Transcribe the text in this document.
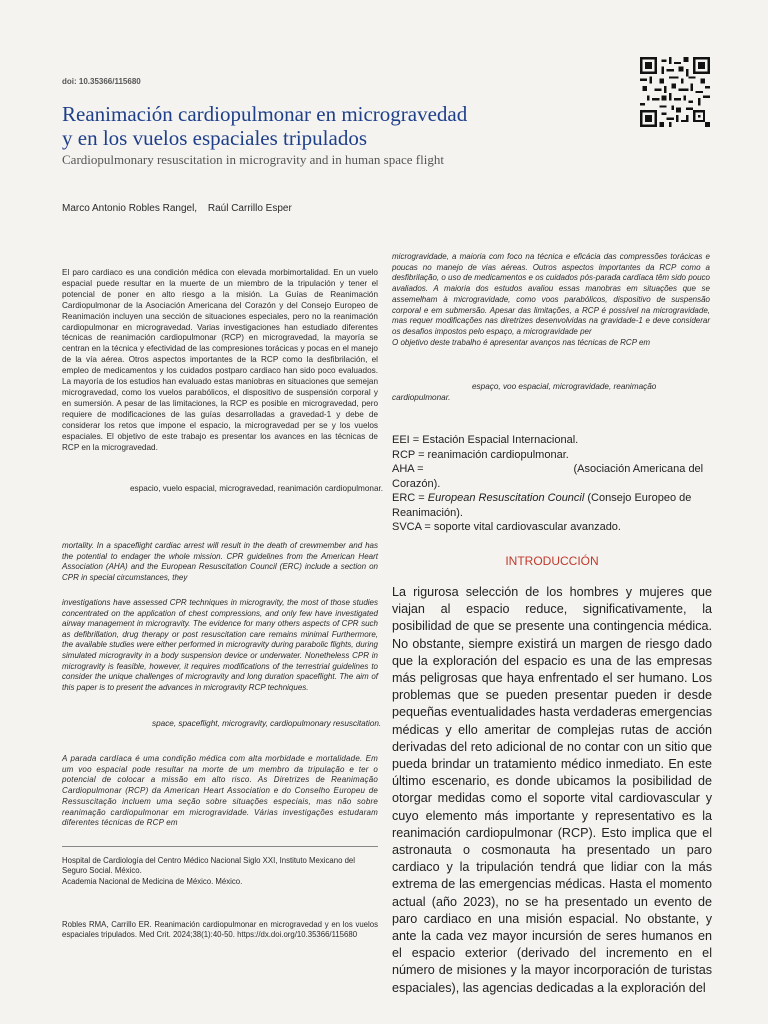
doi: 10.35366/115680
Reanimación cardiopulmonar en microgravedad
y en los vuelos espaciales tripulados
Cardiopulmonary resuscitation in microgravity and in human space flight
Marco Antonio Robles Rangel, Raúl Carrillo Esper
El paro cardiaco es una condición médica con elevada morbimortalidad. En un vuelo espacial puede resultar en la muerte de un miembro de la tripulación y tener el potencial de poner en alto riesgo a la misión. La Guías de Reanimación Cardiopulmonar de la Asociación Americana del Corazón y del Consejo Europeo de Reanimación incluyen una sección de situaciones especiales, pero no la reanimación cardiopulmonar en microgravedad. Varias investigaciones han estudiado diferentes técnicas de reanimación cardiopulmonar (RCP) en microgravedad, la mayoría se centran en la técnica y efectividad de las compresiones torácicas y pocas en el manejo de la vía aérea. Otros aspectos importantes de la RCP como la desfibrilación, el empleo de medicamentos y los cuidados postparo cardiaco han sido poco evaluados. La mayoría de los estudios han evaluado estas maniobras en situaciones que semejan microgravedad, como los vuelos parabólicos, el dispositivo de suspensión corporal y en sumersión. A pesar de las limitaciones, la RCP es posible en microgravedad, pero requiere de modificaciones de las guías desarrolladas a gravedad-1 y debe de considerar los retos que impone el espacio, la microgravedad per se y los vuelos espaciales. El objetivo de este trabajo es presentar los avances en las técnicas de RCP en la microgravedad.
espacio, vuelo espacial, microgravedad, reanimación cardiopulmonar.
mortality. In a spaceflight cardiac arrest will result in the death of crewmember and has the potential to endager the whole mission. CPR guidelines from the American Heart Association (AHA) and the European Resuscitation Council (ERC) include a section on CPR in special circumstances, they
investigations have assessed CPR techniques in microgravity, the most of those studies concentrated on the application of chest compressions, and only few have investigated airway management in microgravity. The evidence for many others aspects of CPR such as defibrillation, drug therapy or post resuscitation care remains minimal Furthermore, the available studies were either performed in microgravity during parabolic flights, during simulated microgravity in a body suspension device or underwater. Nonetheless CPR in microgravity is feasible, however, it requires modifications of the terrestrial guidelines to consider the unique challenges of microgravity and long duration spaceflight. The aim of this paper is to present the advances in microgravity RCP techniques.
space, spaceflight, microgravity, cardiopulmonary resuscitation.
A parada cardíaca é uma condição médica com alta morbidade e mortalidade. Em um voo espacial pode resultar na morte de um membro da tripulação e ter o potencial de colocar a missão em alto risco. As Diretrizes de Reanimação Cardiopulmonar (RCP) da American Heart Association e do Conselho Europeu de Ressuscitação incluem uma seção sobre situações especiais, mas não sobre reanimação cardiopulmonar em microgravidade. Várias investigações estudaram diferentes técnicas de RCP em
Hospital de Cardiología del Centro Médico Nacional Siglo XXI, Instituto Mexicano del Seguro Social. México.
Academia Nacional de Medicina de México. México.
Robles RMA, Carrillo ER. Reanimación cardiopulmonar en microgravedad y en los vuelos espaciales tripulados. Med Crit. 2024;38(1):40-50. https://dx.doi.org/10.35366/115680
microgravidade, a maioria com foco na técnica e eficácia das compressões torácicas e poucas no manejo de vias aéreas. Outros aspectos importantes da RCP como a desfibrilação, o uso de medicamentos e os cuidados pós-parada cardíaca têm sido pouco avaliados. A maioria dos estudos avaliou essas manobras em situações que se assemelham à microgravidade, como voos parabólicos, dispositivo de suspensão corporal e em submersão. Apesar das limitações, a RCP é possível na microgravidade, mas requer modificações nas diretrizes desenvolvidas na gravidade-1 e deve considerar os desafios impostos pelo espaço, a microgravidade per
O objetivo deste trabalho é apresentar avanços nas técnicas de RCP em
espaço, voo espacial, microgravidade, reanimação
cardiopulmonar.
EEI = Estación Espacial Internacional.
RCP = reanimación cardiopulmonar.
AHA =	(Asociación Americana del Corazón).
ERC = European Resuscitation Council (Consejo Europeo de Reanimación).
SVCA = soporte vital cardiovascular avanzado.
INTRODUCCIÓN
La rigurosa selección de los hombres y mujeres que viajan al espacio reduce, significativamente, la posibilidad de que se presente una contingencia médica. No obstante, siempre existirá un margen de riesgo dado que la exploración del espacio es una de las empresas más peligrosas que haya enfrentado el ser humano. Los problemas que se pueden presentar pueden ir desde pequeñas eventualidades hasta verdaderas emergencias médicas y ello ameritar de complejas rutas de acción derivadas del reto adicional de no contar con un sitio que pueda brindar un tratamiento médico inmediato. En este último escenario, es donde ubicamos la posibilidad de otorgar medidas como el soporte vital cardiovascular y cuyo elemento más importante y representativo es la reanimación cardiopulmonar (RCP). Esto implica que el astronauta o cosmonauta ha presentado un paro cardiaco y la tripulación tendrá que lidiar con la más extrema de las emergencias médicas. Hasta el momento actual (año 2023), no se ha presentado un evento de paro cardiaco en una misión espacial. No obstante, y ante la cada vez mayor incursión de seres humanos en el espacio exterior (derivado del incremento en el número de misiones y la mayor incorporación de turistas espaciales), las agencias dedicadas a la exploración del
